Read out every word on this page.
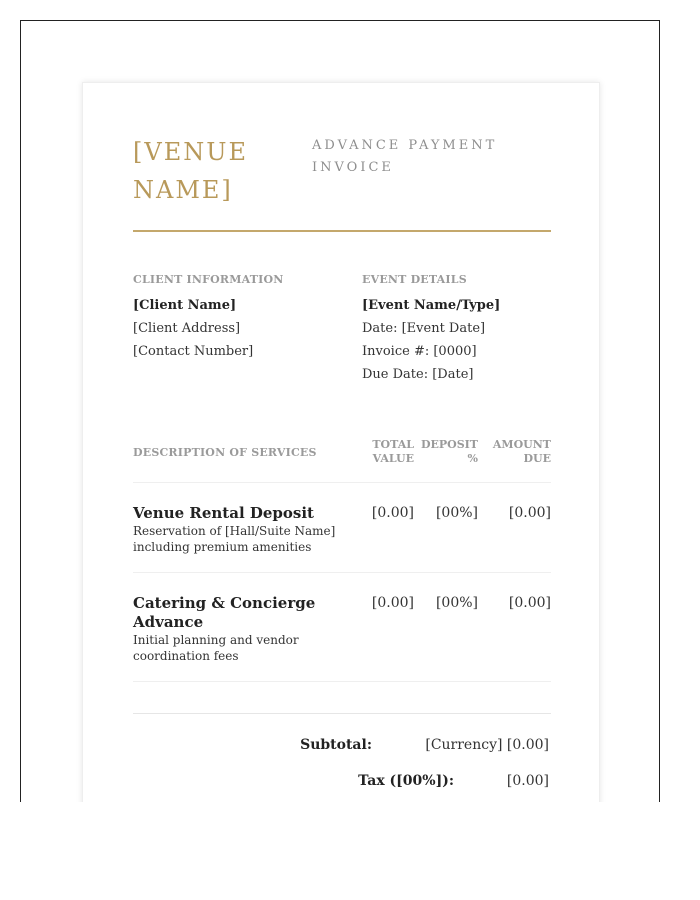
[VENUE NAME]
ADVANCE PAYMENT INVOICE
CLIENT INFORMATION
[Client Name]
[Client Address]
[Contact Number]
EVENT DETAILS
[Event Name/Type]
Date: [Event Date]
Invoice #: [0000]
Due Date: [Date]
DESCRIPTION OF SERVICES
TOTAL
VALUE
DEPOSIT
%
AMOUNT
DUE
Venue Rental Deposit
Reservation of [Hall/Suite Name] including premium amenities
[0.00] [00%] [0.00]
Catering & Concierge Advance
Initial planning and vendor coordination fees
[0.00] [00%] [0.00]
Subtotal:	[Currency] [0.00]
Tax ([00%]):	[0.00]
